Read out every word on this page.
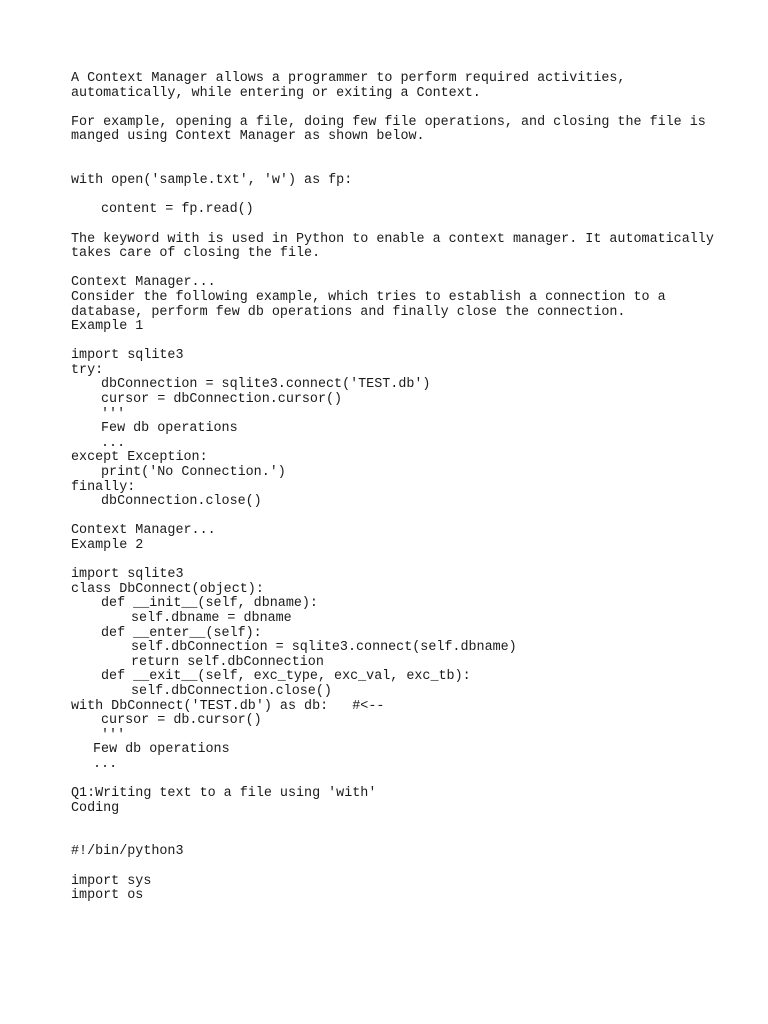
A Context Manager allows a programmer to perform required activities,
automatically, while entering or exiting a Context.
For example, opening a file, doing few file operations, and closing the file is
manged using Context Manager as shown below.
with open('sample.txt', 'w') as fp:
content = fp.read()
The keyword with is used in Python to enable a context manager. It automatically
takes care of closing the file.
Context Manager...
Consider the following example, which tries to establish a connection to a
database, perform few db operations and finally close the connection.
Example 1
import sqlite3
try:
dbConnection = sqlite3.connect('TEST.db')
cursor = dbConnection.cursor()
'''
Few db operations
...
except Exception:
print('No Connection.')
finally:
dbConnection.close()
Context Manager...
Example 2
import sqlite3
class DbConnect(object):
def __init__(self, dbname):
self.dbname = dbname
def __enter__(self):
self.dbConnection = sqlite3.connect(self.dbname)
return self.dbConnection
def __exit__(self, exc_type, exc_val, exc_tb):
self.dbConnection.close()
with DbConnect('TEST.db') as db:   #<--
cursor = db.cursor()
'''
Few db operations
...
Q1:Writing text to a file using 'with'
Coding
#!/bin/python3
import sys
import os
